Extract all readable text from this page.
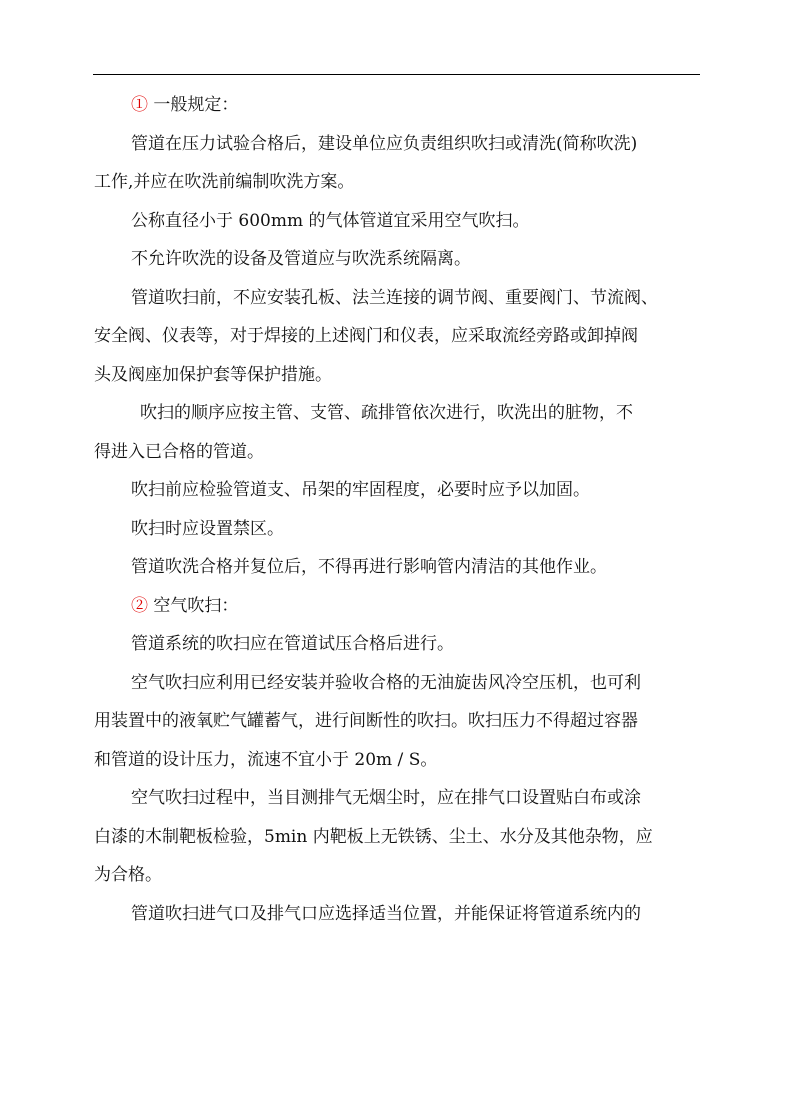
① 一般规定：
管道在压力试验合格后，建设单位应负责组织吹扫或清洗(简称吹洗)
工作,并应在吹洗前编制吹洗方案。
公称直径小于 600mm 的气体管道宜采用空气吹扫。
不允许吹洗的设备及管道应与吹洗系统隔离。
管道吹扫前，不应安装孔板、法兰连接的调节阀、重要阀门、节流阀、
安全阀、仪表等，对于焊接的上述阀门和仪表，应采取流经旁路或卸掉阀
头及阀座加保护套等保护措施。
吹扫的顺序应按主管、支管、疏排管依次进行，吹洗出的脏物，不
得进入已合格的管道。
吹扫前应检验管道支、吊架的牢固程度，必要时应予以加固。
吹扫时应设置禁区。
管道吹洗合格并复位后，不得再进行影响管内清洁的其他作业。
② 空气吹扫：
管道系统的吹扫应在管道试压合格后进行。
空气吹扫应利用已经安装并验收合格的无油旋齿风冷空压机，也可利
用装置中的液氧贮气罐蓄气，进行间断性的吹扫。吹扫压力不得超过容器
和管道的设计压力，流速不宜小于 20m / S。
空气吹扫过程中，当目测排气无烟尘时，应在排气口设置贴白布或涂
白漆的木制靶板检验，5min 内靶板上无铁锈、尘土、水分及其他杂物，应
为合格。
管道吹扫进气口及排气口应选择适当位置，并能保证将管道系统内的
